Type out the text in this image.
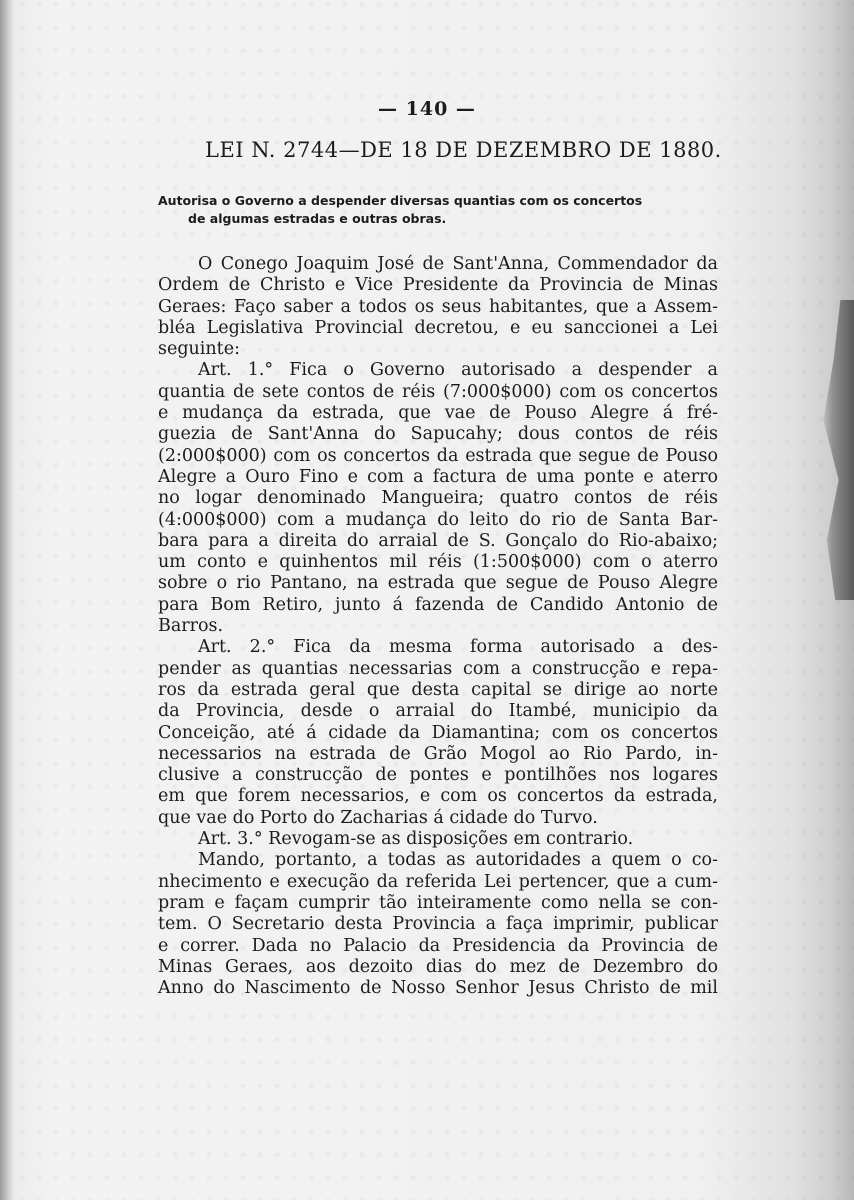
— 140 —
LEI N. 2744—DE 18 DE DEZEMBRO DE 1880.
Autorisa o Governo a despender diversas quantias com os concertos
de algumas estradas e outras obras.
O Conego Joaquim José de Sant'Anna, Commendador da
Ordem de Christo e Vice Presidente da Provincia de Minas
Geraes: Faço saber a todos os seus habitantes, que a Assem-
bléa Legislativa Provincial decretou, e eu sanccionei a Lei
seguinte:
Art. 1.° Fica o Governo autorisado a despender a
quantia de sete contos de réis (7:000$000) com os concertos
e mudança da estrada, que vae de Pouso Alegre á fré-
guezia de Sant'Anna do Sapucahy; dous contos de réis
(2:000$000) com os concertos da estrada que segue de Pouso
Alegre a Ouro Fino e com a factura de uma ponte e aterro
no logar denominado Mangueira; quatro contos de réis
(4:000$000) com a mudança do leito do rio de Santa Bar-
bara para a direita do arraial de S. Gonçalo do Rio-abaixo;
um conto e quinhentos mil réis (1:500$000) com o aterro
sobre o rio Pantano, na estrada que segue de Pouso Alegre
para Bom Retiro, junto á fazenda de Candido Antonio de
Barros.
Art. 2.° Fica da mesma forma autorisado a des-
pender as quantias necessarias com a construcção e repa-
ros da estrada geral que desta capital se dirige ao norte
da Provincia, desde o arraial do Itambé, municipio da
Conceição, até á cidade da Diamantina; com os concertos
necessarios na estrada de Grão Mogol ao Rio Pardo, in-
clusive a construcção de pontes e pontilhões nos logares
em que forem necessarios, e com os concertos da estrada,
que vae do Porto do Zacharias á cidade do Turvo.
Art. 3.° Revogam-se as disposições em contrario.
Mando, portanto, a todas as autoridades a quem o co-
nhecimento e execução da referida Lei pertencer, que a cum-
pram e façam cumprir tão inteiramente como nella se con-
tem. O Secretario desta Provincia a faça imprimir, publicar
e correr. Dada no Palacio da Presidencia da Provincia de
Minas Geraes, aos dezoito dias do mez de Dezembro do
Anno do Nascimento de Nosso Senhor Jesus Christo de mil
